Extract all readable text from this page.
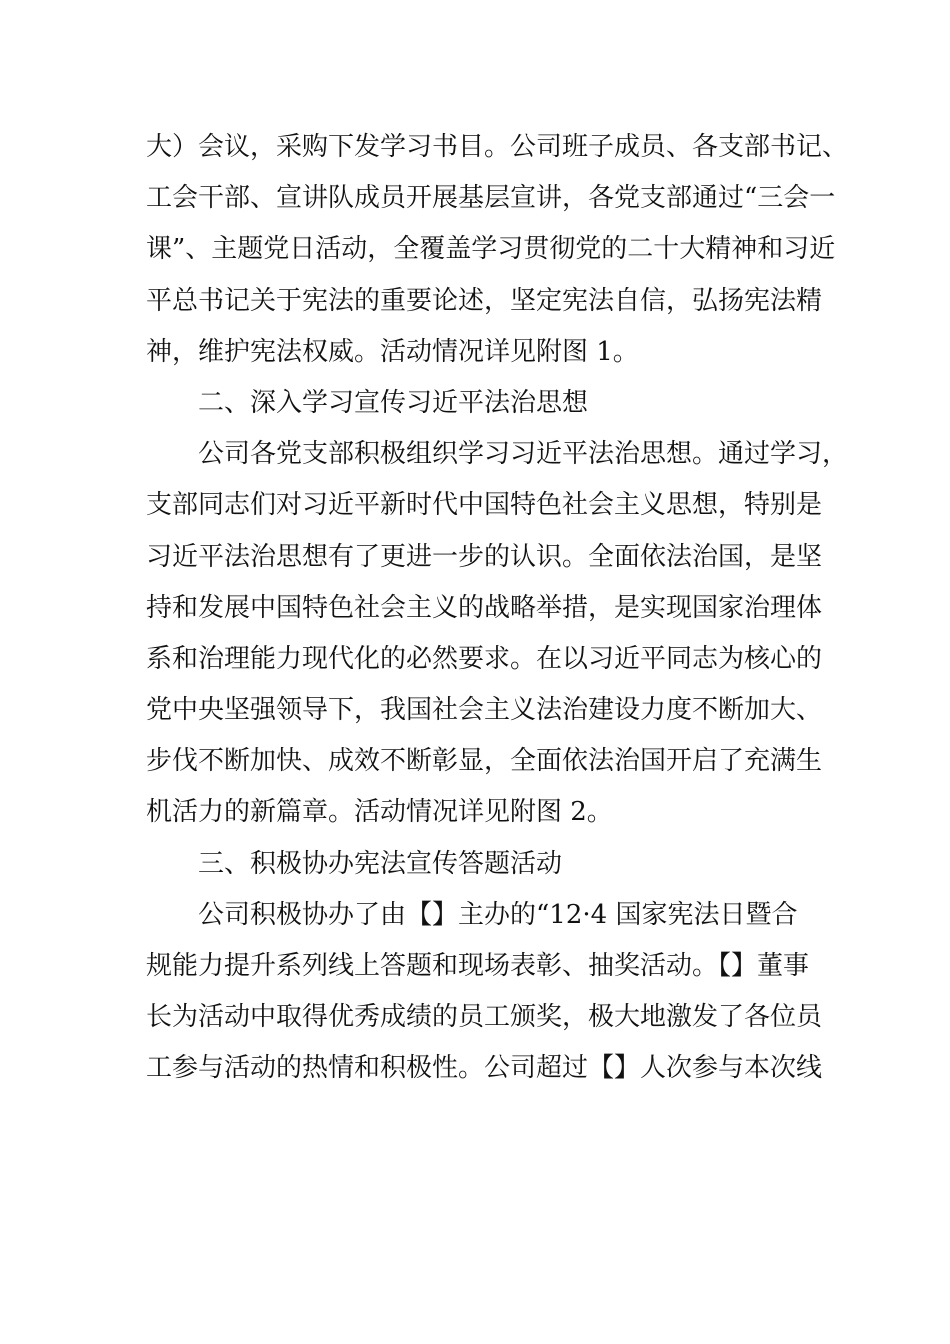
大）会议，采购下发学习书目。公司班子成员、各支部书记、
工会干部、宣讲队成员开展基层宣讲，各党支部通过“三会一
课”、主题党日活动，全覆盖学习贯彻党的二十大精神和习近
平总书记关于宪法的重要论述，坚定宪法自信，弘扬宪法精
神，维护宪法权威。活动情况详见附图 1。
二、深入学习宣传习近平法治思想
公司各党支部积极组织学习习近平法治思想。通过学习，
支部同志们对习近平新时代中国特色社会主义思想，特别是
习近平法治思想有了更进一步的认识。全面依法治国，是坚
持和发展中国特色社会主义的战略举措，是实现国家治理体
系和治理能力现代化的必然要求。在以习近平同志为核心的
党中央坚强领导下，我国社会主义法治建设力度不断加大、
步伐不断加快、成效不断彰显，全面依法治国开启了充满生
机活力的新篇章。活动情况详见附图 2。
三、积极协办宪法宣传答题活动
公司积极协办了由【】主办的“12·4 国家宪法日暨合
规能力提升系列线上答题和现场表彰、抽奖活动。【】董事
长为活动中取得优秀成绩的员工颁奖，极大地激发了各位员
工参与活动的热情和积极性。公司超过【】人次参与本次线
